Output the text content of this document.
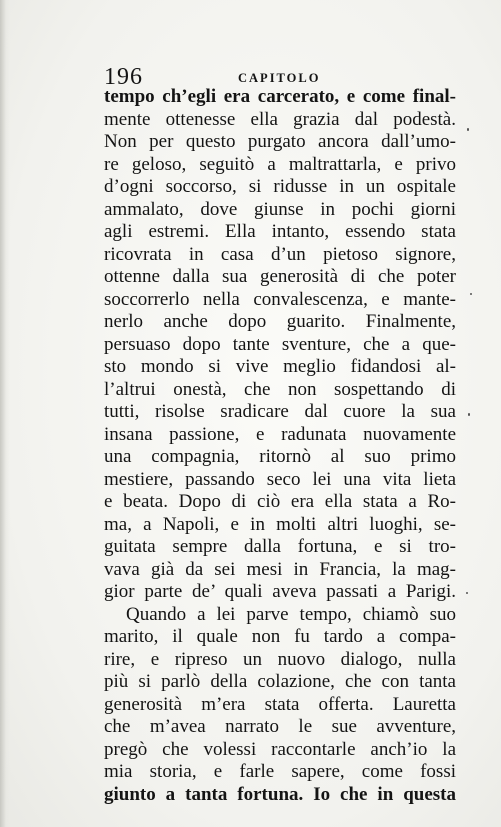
196	CAPITOLO
tempo ch’egli era carcerato, e come final-
mente ottenesse ella grazia dal podestà.
Non per questo purgato ancora dall’umo-
re geloso, seguitò a maltrattarla, e privo
d’ogni soccorso, si ridusse in un ospitale
ammalato, dove giunse in pochi giorni
agli estremi. Ella intanto, essendo stata
ricovrata in casa d’un pietoso signore,
ottenne dalla sua generosità di che poter
soccorrerlo nella convalescenza, e mante-
nerlo anche dopo guarito. Finalmente,
persuaso dopo tante sventure, che a que-
sto mondo si vive meglio fidandosi al-
l’altrui onestà, che non sospettando di
tutti, risolse sradicare dal cuore la sua
insana passione, e radunata nuovamente
una compagnia, ritornò al suo primo
mestiere, passando seco lei una vita lieta
e beata. Dopo di ciò era ella stata a Ro-
ma, a Napoli, e in molti altri luoghi, se-
guitata sempre dalla fortuna, e si tro-
vava già da sei mesi in Francia, la mag-
gior parte de’ quali aveva passati a Parigi.
Quando a lei parve tempo, chiamò suo
marito, il quale non fu tardo a compa-
rire, e ripreso un nuovo dialogo, nulla
più si parlò della colazione, che con tanta
generosità m’era stata offerta. Lauretta
che m’avea narrato le sue avventure,
pregò che volessi raccontarle anch’io la
mia storia, e farle sapere, come fossi
giunto a tanta fortuna. Io che in questa
